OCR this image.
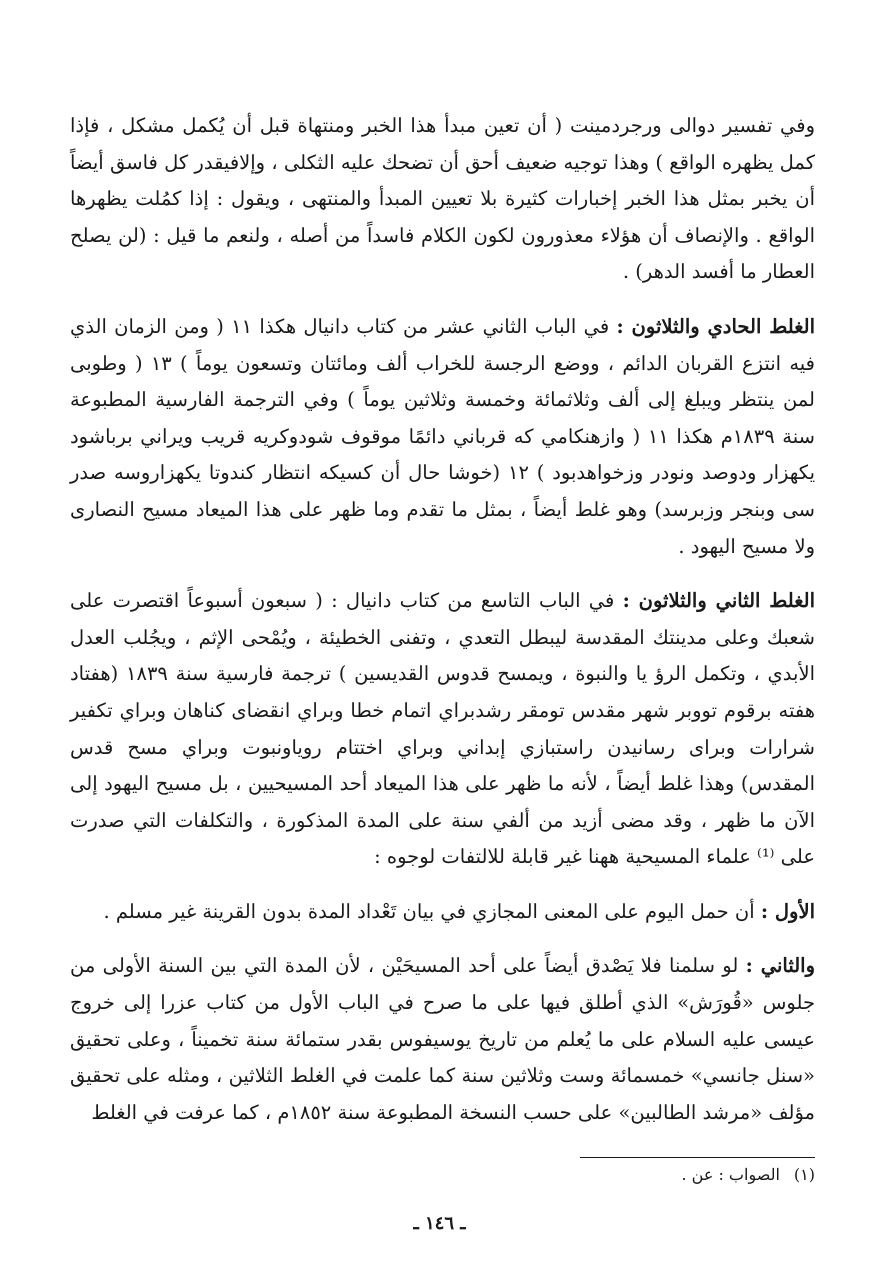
وفي تفسير دوالى ورجردمينت ( أن تعين مبدأ هذا الخبر ومنتهاة قبل أن يُكمل مشكل ، فإذا كمل يظهره الواقع ) وهذا توجيه ضعيف أحق أن تضحك عليه الثكلى ، وإلافيقدر كل فاسق أيضاً أن يخبر بمثل هذا الخبر إخبارات كثيرة بلا تعيين المبدأ والمنتهى ، ويقول : إذا كمُلت يظهرها الواقع . والإنصاف أن هؤلاء معذورون لكون الكلام فاسداً من أصله ، ولنعم ما قيل : (لن يصلح العطار ما أفسد الدهر) .

الغلط الحادي والثلاثون : في الباب الثاني عشر من كتاب دانيال هكذا ١١ ( ومن الزمان الذي فيه انتزع القربان الدائم ، ووضع الرجسة للخراب ألف ومائتان وتسعون يوماً ) ١٣ ( وطوبى لمن ينتظر ويبلغ إلى ألف وثلاثمائة وخمسة وثلاثين يوماً ) وفي الترجمة الفارسية المطبوعة سنة ١٨٣٩م هكذا ١١ ( وازهنكامي كه قرباني دائمًا موقوف شودوكريه قريب ويراني برباشود يكهزار ودوصد ونودر وزخواهدبود ) ١٢ (خوشا حال أن كسيكه انتظار كندوتا يكهزاروسه صدر سى وبنجر وزبرسد) وهو غلط أيضاً ، بمثل ما تقدم وما ظهر على هذا الميعاد مسيح النصارى ولا مسيح اليهود .

الغلط الثاني والثلاثون : في الباب التاسع من كتاب دانيال : ( سبعون أسبوعاً اقتصرت على شعبك وعلى مدينتك المقدسة ليبطل التعدي ، وتفنى الخطيئة ، ويُمْحى الإثم ، ويجُلب العدل الأبدي ، وتكمل الرؤ يا والنبوة ، ويمسح قدوس القديسين ) ترجمة فارسية سنة ١٨٣٩ (هفتاد هفته برقوم تووبر شهر مقدس تومقر رشدبراي اتمام خطا وبراي انقضاى كناهان وبراي تكفير شرارات وبراى رسانيدن راستبازي إبداني وبراي اختتام روياونبوت وبراي مسح قدس المقدس) وهذا غلط أيضاً ، لأنه ما ظهر على هذا الميعاد أحد المسيحيين ، بل مسيح اليهود إلى الآن ما ظهر ، وقد مضى أزيد من ألفي سنة على المدة المذكورة ، والتكلفات التي صدرت على ⁽¹⁾ علماء المسيحية ههنا غير قابلة للالتفات لوجوه :

الأول : أن حمل اليوم على المعنى المجازي في بيان تَعْداد المدة بدون القرينة غير مسلم .

والثاني : لو سلمنا فلا يَصْدق أيضاً على أحد المسيحَيْن ، لأن المدة التي بين السنة الأولى من جلوس «قُورَش» الذي أطلق فيها على ما صرح في الباب الأول من كتاب عزرا إلى خروج عيسى عليه السلام على ما يُعلم من تاريخ يوسيفوس بقدر ستمائة سنة تخميناً ، وعلى تحقيق «سنل جانسي» خمسمائة وست وثلاثين سنة كما علمت في الغلط الثلاثين ، ومثله على تحقيق مؤلف «مرشد الطالبين» على حسب النسخة المطبوعة سنة ١٨٥٢م ، كما عرفت في الغلط

(١)الصواب : عن .
ـ ١٤٦ ـ
